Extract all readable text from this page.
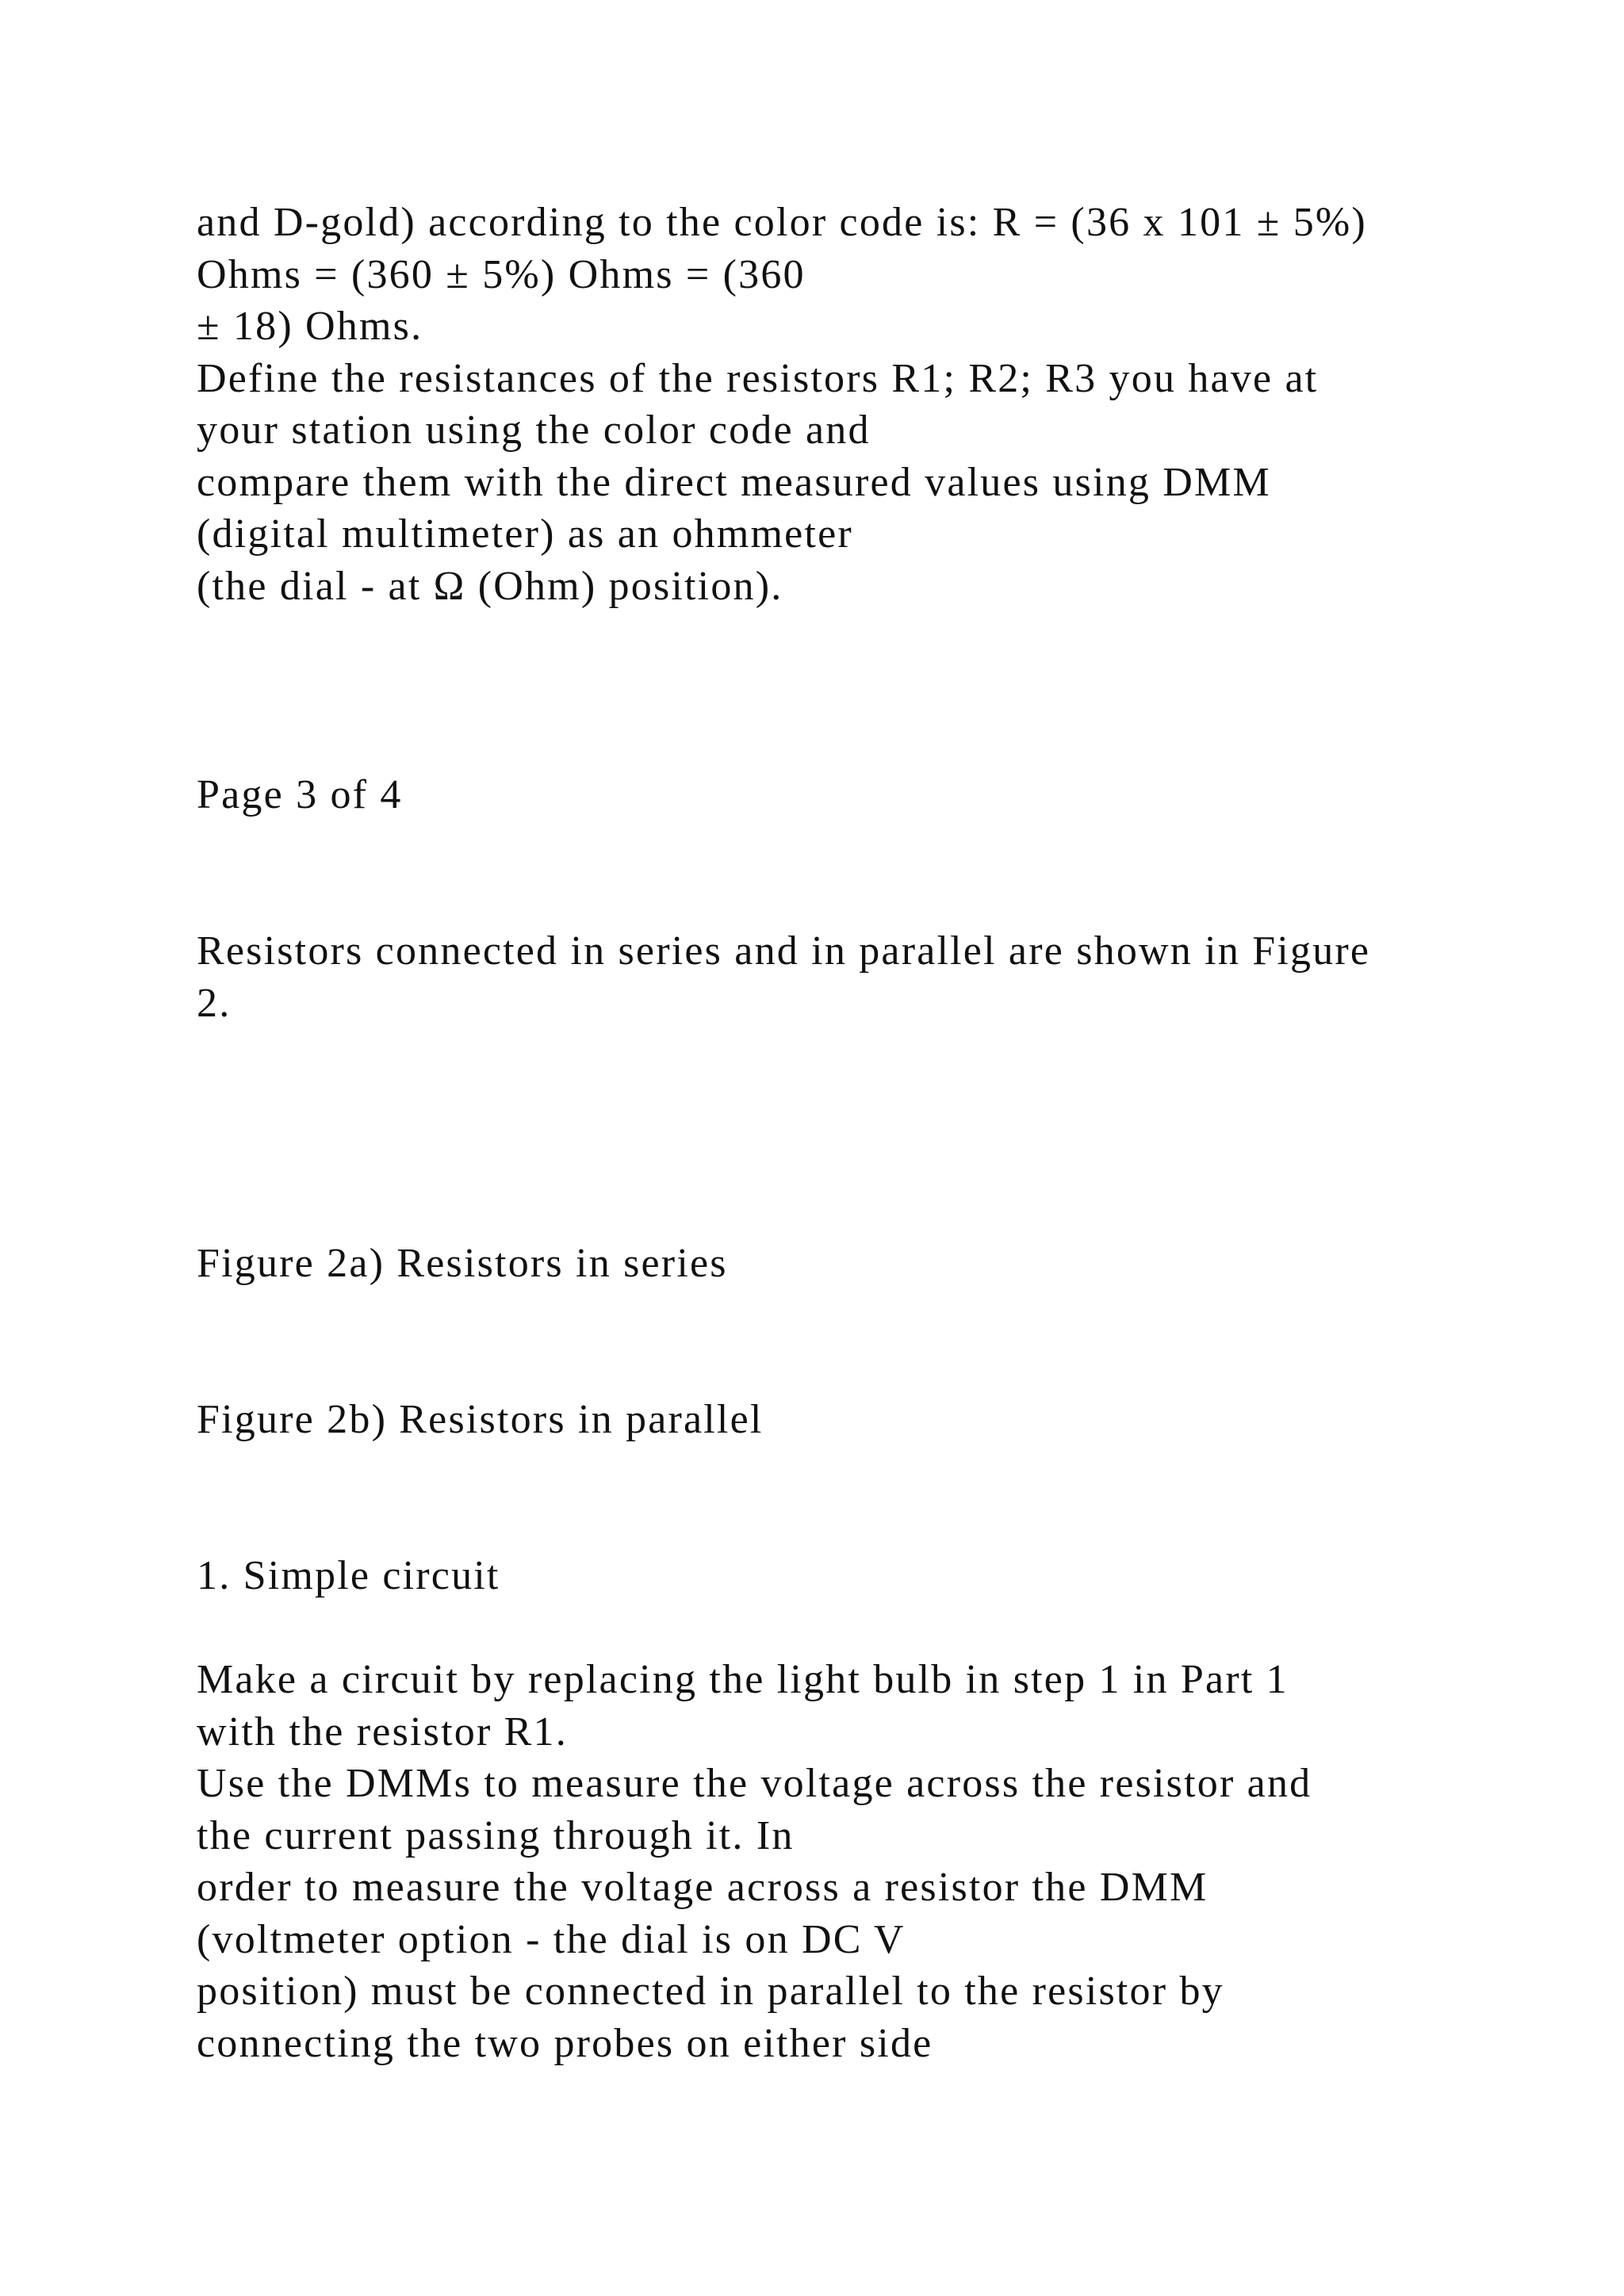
and D-gold) according to the color code is: R = (36 x 101 ± 5%)
Ohms = (360 ± 5%) Ohms = (360
± 18) Ohms.
Define the resistances of the resistors R1; R2; R3 you have at
your station using the color code and
compare them with the direct measured values using DMM
(digital multimeter) as an ohmmeter
(the dial - at Ω (Ohm) position).
Page 3 of 4
Resistors connected in series and in parallel are shown in Figure
2.
Figure 2a) Resistors in series
Figure 2b) Resistors in parallel
1. Simple circuit
Make a circuit by replacing the light bulb in step 1 in Part 1
with the resistor R1.
Use the DMMs to measure the voltage across the resistor and
the current passing through it. In
order to measure the voltage across a resistor the DMM
(voltmeter option - the dial is on DC V
position) must be connected in parallel to the resistor by
connecting the two probes on either side
